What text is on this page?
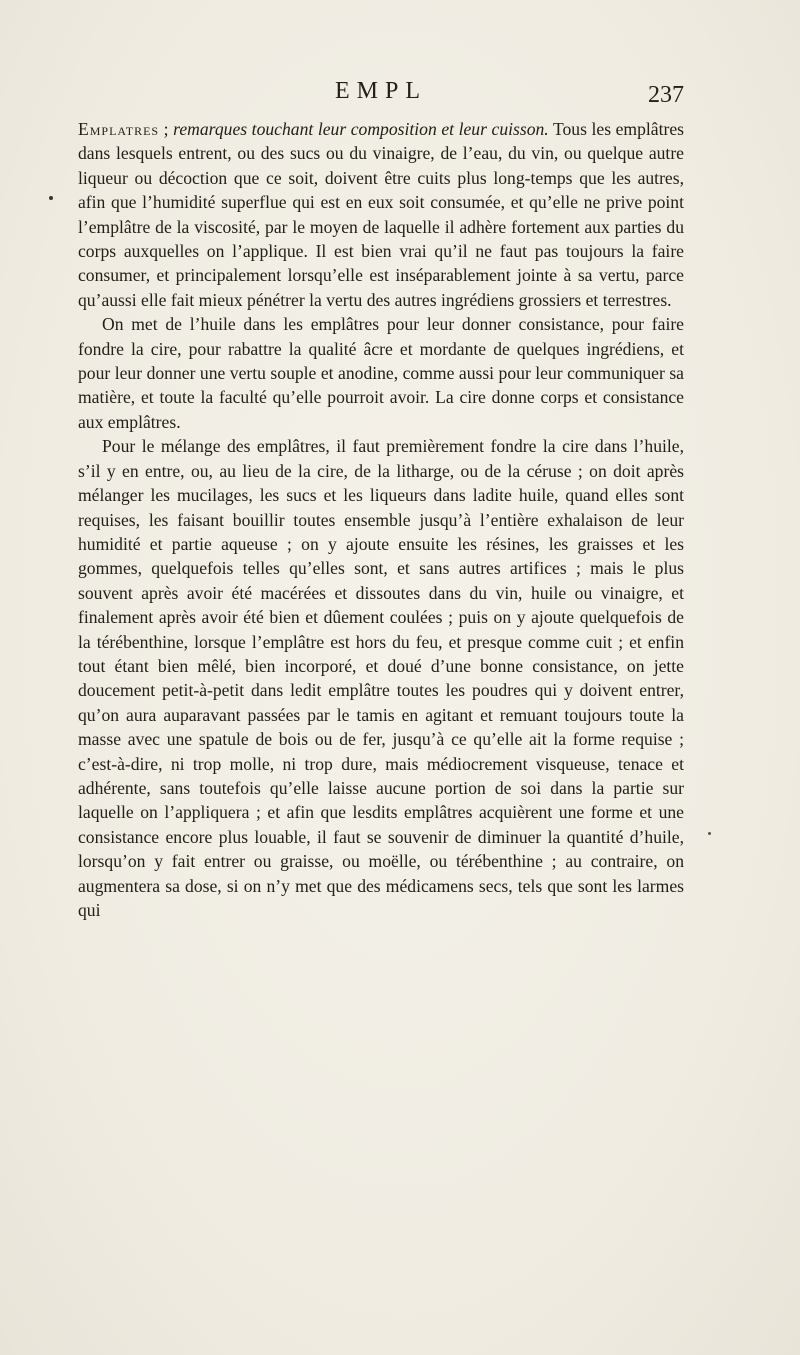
EMPL	237

Emplatres ; remarques touchant leur composition et leur cuisson. Tous les emplâtres dans lesquels entrent, ou des sucs ou du vinaigre, de l’eau, du vin, ou quelque autre liqueur ou décoction que ce soit, doivent être cuits plus long-temps que les autres, afin que l’humidité superflue qui est en eux soit consumée, et qu’elle ne prive point l’emplâtre de la viscosité, par le moyen de laquelle il adhère fortement aux parties du corps auxquelles on l’applique. Il est bien vrai qu’il ne faut pas toujours la faire consumer, et principalement lorsqu’elle est inséparablement jointe à sa vertu, parce qu’aussi elle fait mieux pénétrer la vertu des autres ingrédiens grossiers et terrestres.

On met de l’huile dans les emplâtres pour leur donner consistance, pour faire fondre la cire, pour rabattre la qualité âcre et mordante de quelques ingrédiens, et pour leur donner une vertu souple et anodine, comme aussi pour leur communiquer sa matière, et toute la faculté qu’elle pourroit avoir. La cire donne corps et consistance aux emplâtres.

Pour le mélange des emplâtres, il faut premièrement fondre la cire dans l’huile, s’il y en entre, ou, au lieu de la cire, de la litharge, ou de la céruse ; on doit après mélanger les mucilages, les sucs et les liqueurs dans ladite huile, quand elles sont requises, les faisant bouillir toutes ensemble jusqu’à l’entière exhalaison de leur humidité et partie aqueuse ; on y ajoute ensuite les résines, les graisses et les gommes, quelquefois telles qu’elles sont, et sans autres artifices ; mais le plus souvent après avoir été macérées et dissoutes dans du vin, huile ou vinaigre, et finalement après avoir été bien et dûement coulées ; puis on y ajoute quelquefois de la térébenthine, lorsque l’emplâtre est hors du feu, et presque comme cuit ; et enfin tout étant bien mêlé, bien incorporé, et doué d’une bonne consistance, on jette doucement petit-à-petit dans ledit emplâtre toutes les poudres qui y doivent entrer, qu’on aura auparavant passées par le tamis en agitant et remuant toujours toute la masse avec une spatule de bois ou de fer, jusqu’à ce qu’elle ait la forme requise ; c’est-à-dire, ni trop molle, ni trop dure, mais médiocrement visqueuse, tenace et adhérente, sans toutefois qu’elle laisse aucune portion de soi dans la partie sur laquelle on l’appliquera ; et afin que lesdits emplâtres acquièrent une forme et une consistance encore plus louable, il faut se souvenir de diminuer la quantité d’huile, lorsqu’on y fait entrer ou graisse, ou moëlle, ou térébenthine ; au contraire, on augmentera sa dose, si on n’y met que des médicamens secs, tels que sont les larmes qui
